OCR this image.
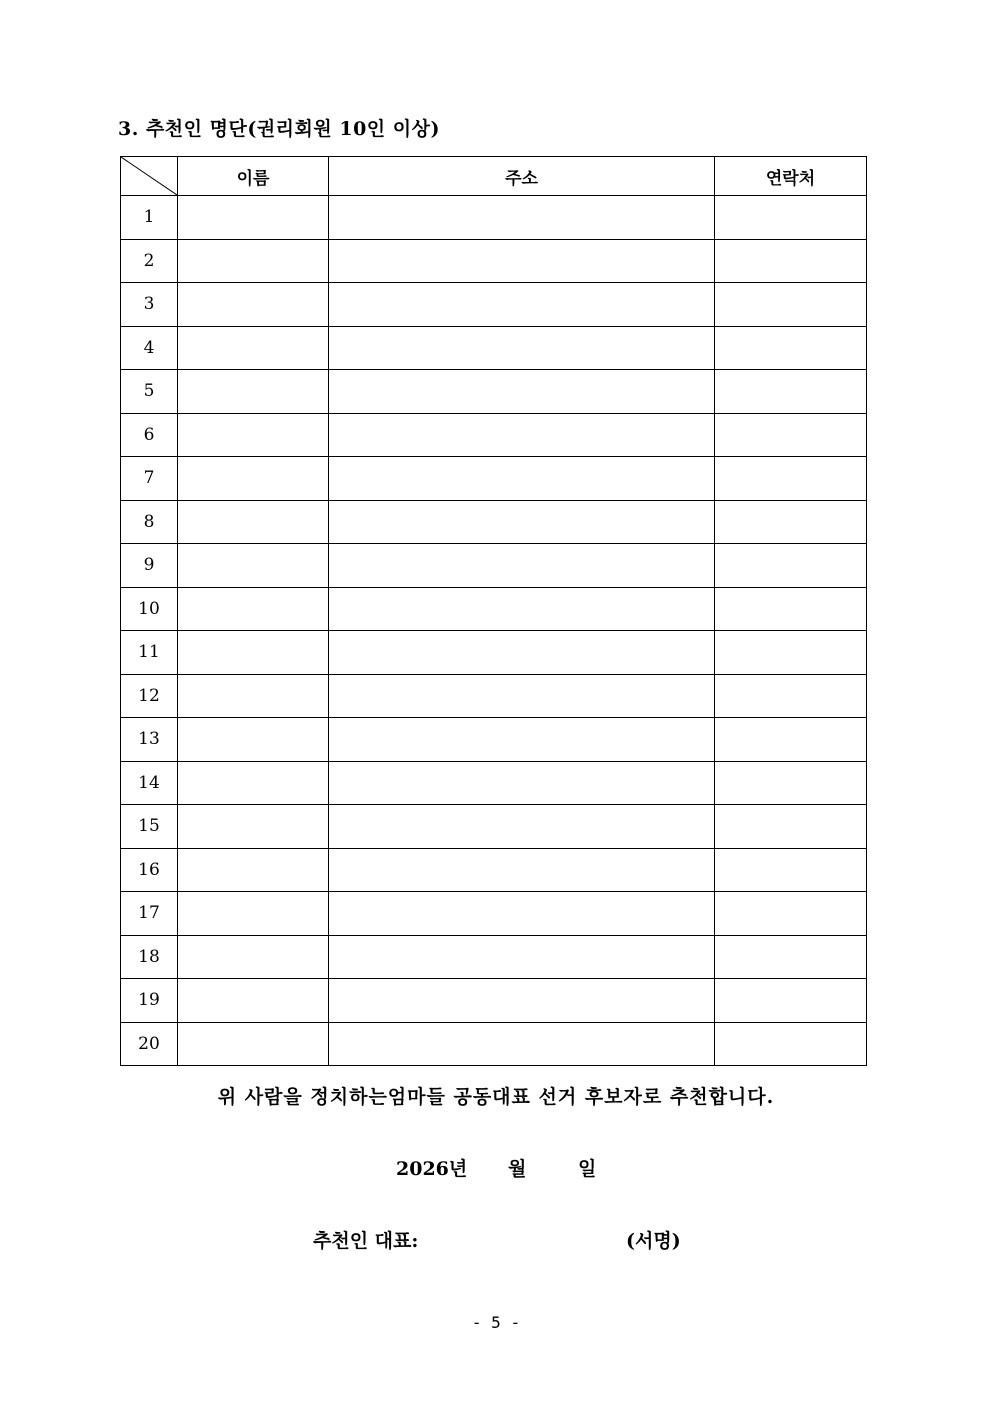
3. 추천인 명단(권리회원 10인 이상)
	이름	주소	연락처
1			
2			
3			
4			
5			
6			
7			
8			
9			
10			
11			
12			
13			
14			
15			
16			
17			
18			
19			
20			
위 사람을 정치하는엄마들 공동대표 선거 후보자로 추천합니다.
2026년 월	일
추천인 대표:	(서명)
- 5 -
